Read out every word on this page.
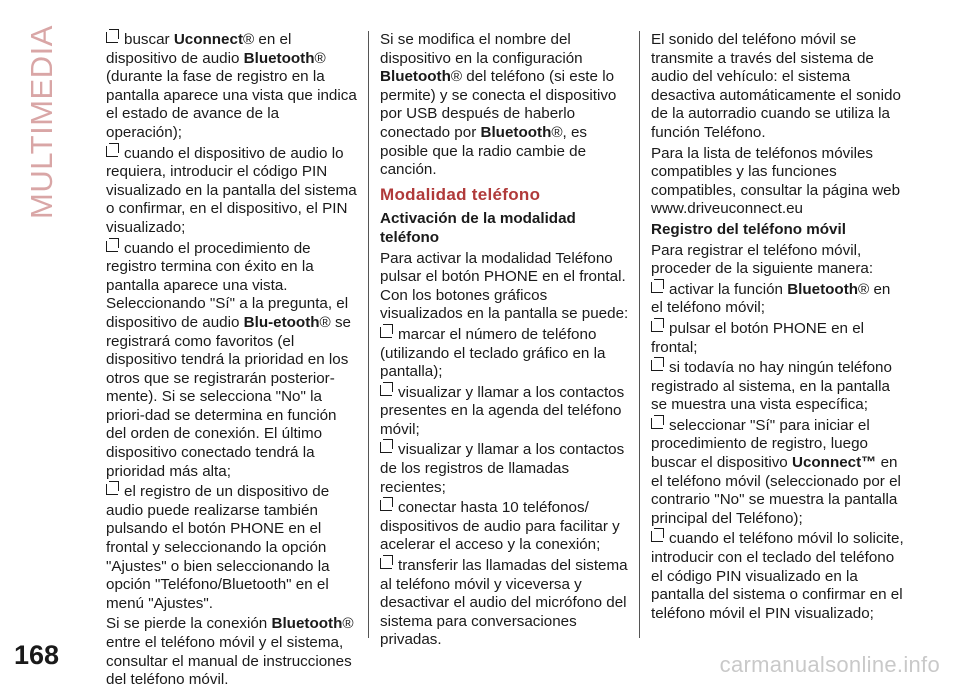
MULTIMEDIA	buscar Uconnect® en el dispositivo de audio Bluetooth® (durante la fase de registro en la pantalla aparece una vista que indica el estado de avance de la operación);

cuando el dispositivo de audio lo requiera, introducir el código PIN visualizado en la pantalla del sistema o confirmar, en el dispositivo, el PIN visualizado;

cuando el procedimiento de registro termina con éxito en la pantalla aparece una vista. Seleccionando "Sí" a la pregunta, el dispositivo de audio Blu-etooth® se registrará como favoritos (el dispositivo tendrá la prioridad en los otros que se registrarán posterior-mente). Si se selecciona "No" la priori-dad se determina en función del orden de conexión. El último dispositivo conectado tendrá la prioridad más alta;

el registro de un dispositivo de audio puede realizarse también pulsando el botón PHONE en el frontal y seleccionando la opción "Ajustes" o bien seleccionando la opción "Teléfono/Bluetooth" en el menú "Ajustes".

Si se pierde la conexión Bluetooth® entre el teléfono móvil y el sistema, consultar el manual de instrucciones del teléfono móvil.

Si se modifica el nombre del dispositivo en la configuración Bluetooth® del teléfono (si este lo permite) y se conecta el dispositivo por USB después de haberlo conectado por Bluetooth®, es posible que la radio cambie de canción.

Modalidad teléfono

Activación de la modalidad teléfono

Para activar la modalidad Teléfono pulsar el botón PHONE en el frontal. Con los botones gráficos visualizados en la pantalla se puede:

marcar el número de teléfono (utilizando el teclado gráfico en la pantalla);

visualizar y llamar a los contactos presentes en la agenda del teléfono móvil;

visualizar y llamar a los contactos de los registros de llamadas recientes;

conectar hasta 10 teléfonos/ dispositivos de audio para facilitar y acelerar el acceso y la conexión;

transferir las llamadas del sistema al teléfono móvil y viceversa y desactivar el audio del micrófono del sistema para conversaciones privadas.

El sonido del teléfono móvil se transmite a través del sistema de audio del vehículo: el sistema desactiva automáticamente el sonido de la autorradio cuando se utiliza la función Teléfono.

Para la lista de teléfonos móviles compatibles y las funciones compatibles, consultar la página web www.driveuconnect.eu

Registro del teléfono móvil

Para registrar el teléfono móvil, proceder de la siguiente manera:

activar la función Bluetooth® en el teléfono móvil;

pulsar el botón PHONE en el frontal;

si todavía no hay ningún teléfono registrado al sistema, en la pantalla se muestra una vista específica;

seleccionar "Sí" para iniciar el procedimiento de registro, luego buscar el dispositivo Uconnect™ en el teléfono móvil (seleccionado por el contrario "No" se muestra la pantalla principal del Teléfono);

cuando el teléfono móvil lo solicite, introducir con el teclado del teléfono el código PIN visualizado en la pantalla del sistema o confirmar en el teléfono móvil el PIN visualizado;

168	carmanualsonline.info
